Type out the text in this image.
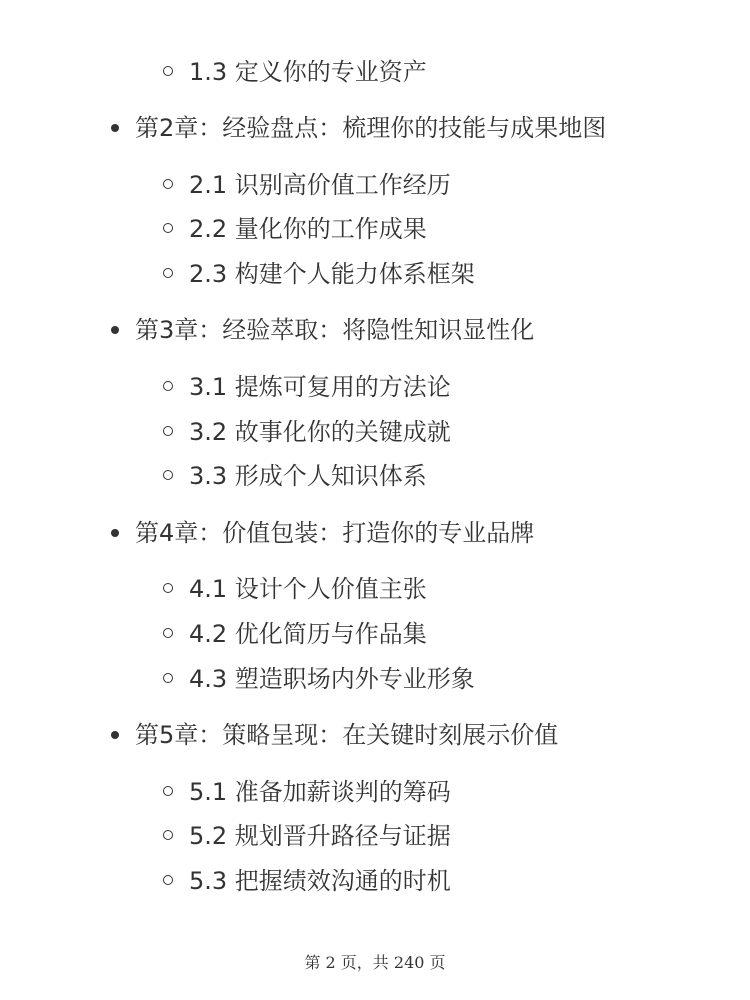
1.3 定义你的专业资产
第2章：经验盘点：梳理你的技能与成果地图
2.1 识别高价值工作经历
2.2 量化你的工作成果
2.3 构建个人能力体系框架
第3章：经验萃取：将隐性知识显性化
3.1 提炼可复用的方法论
3.2 故事化你的关键成就
3.3 形成个人知识体系
第4章：价值包装：打造你的专业品牌
4.1 设计个人价值主张
4.2 优化简历与作品集
4.3 塑造职场内外专业形象
第5章：策略呈现：在关键时刻展示价值
5.1 准备加薪谈判的筹码
5.2 规划晋升路径与证据
5.3 把握绩效沟通的时机
第 2 页，共 240 页
